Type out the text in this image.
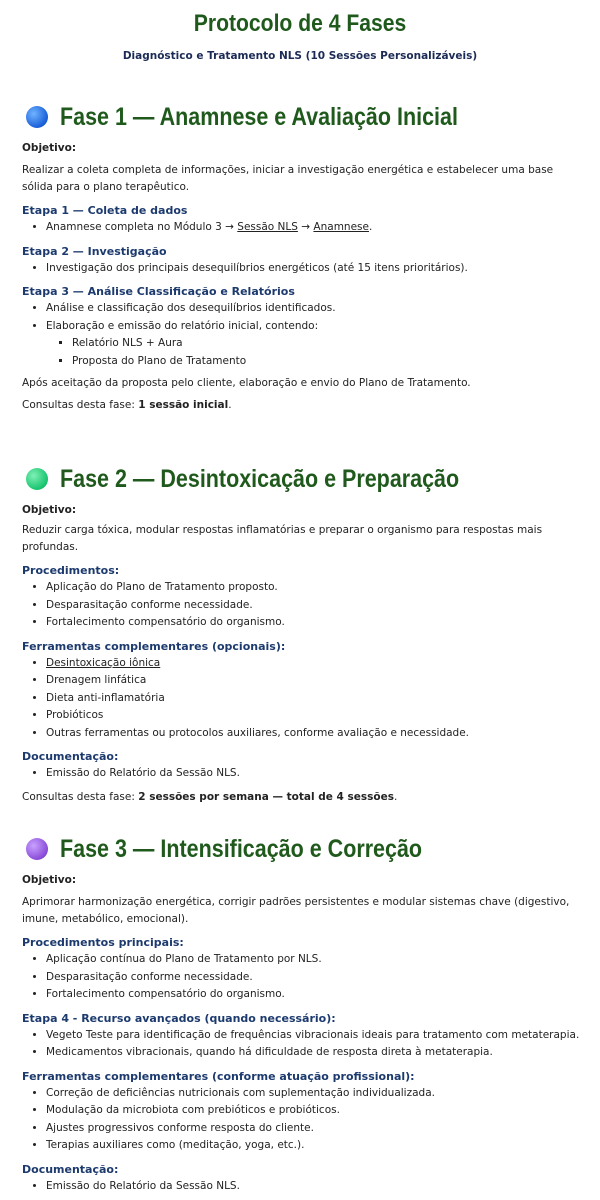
Protocolo de 4 Fases
Diagnóstico e Tratamento NLS (10 Sessões Personalizáveis)
Fase 1 — Anamnese e Avaliação Inicial
Objetivo:
Realizar a coleta completa de informações, iniciar a investigação energética e estabelecer uma base sólida para o plano terapêutico.
Etapa 1 — Coleta de dados
• Anamnese completa no Módulo 3 → Sessão NLS → Anamnese.
Etapa 2 — Investigação
• Investigação dos principais desequilíbrios energéticos (até 15 itens prioritários).
Etapa 3 — Análise Classificação e Relatórios
• Análise e classificação dos desequilíbrios identificados.
• Elaboração e emissão do relatório inicial, contendo:
▪ Relatório NLS + Aura
▪ Proposta do Plano de Tratamento
Após aceitação da proposta pelo cliente, elaboração e envio do Plano de Tratamento.
Consultas desta fase: 1 sessão inicial.
Fase 2 — Desintoxicação e Preparação
Objetivo:
Reduzir carga tóxica, modular respostas inflamatórias e preparar o organismo para respostas mais profundas.
Procedimentos:
• Aplicação do Plano de Tratamento proposto.
• Desparasitação conforme necessidade.
• Fortalecimento compensatório do organismo.
Ferramentas complementares (opcionais):
• Desintoxicação iônica
• Drenagem linfática
• Dieta anti-inflamatória
• Probióticos
• Outras ferramentas ou protocolos auxiliares, conforme avaliação e necessidade.
Documentação:
• Emissão do Relatório da Sessão NLS.
Consultas desta fase: 2 sessões por semana — total de 4 sessões.
Fase 3 — Intensificação e Correção
Objetivo:
Aprimorar harmonização energética, corrigir padrões persistentes e modular sistemas chave (digestivo, imune, metabólico, emocional).
Procedimentos principais:
• Aplicação contínua do Plano de Tratamento por NLS.
• Desparasitação conforme necessidade.
• Fortalecimento compensatório do organismo.
Etapa 4 - Recurso avançados (quando necessário):
• Vegeto Teste para identificação de frequências vibracionais ideais para tratamento com metaterapia.
• Medicamentos vibracionais, quando há dificuldade de resposta direta à metaterapia.
Ferramentas complementares (conforme atuação profissional):
• Correção de deficiências nutricionais com suplementação individualizada.
• Modulação da microbiota com prebióticos e probióticos.
• Ajustes progressivos conforme resposta do cliente.
• Terapias auxiliares como (meditação, yoga, etc.).
Documentação:
• Emissão do Relatório da Sessão NLS.
